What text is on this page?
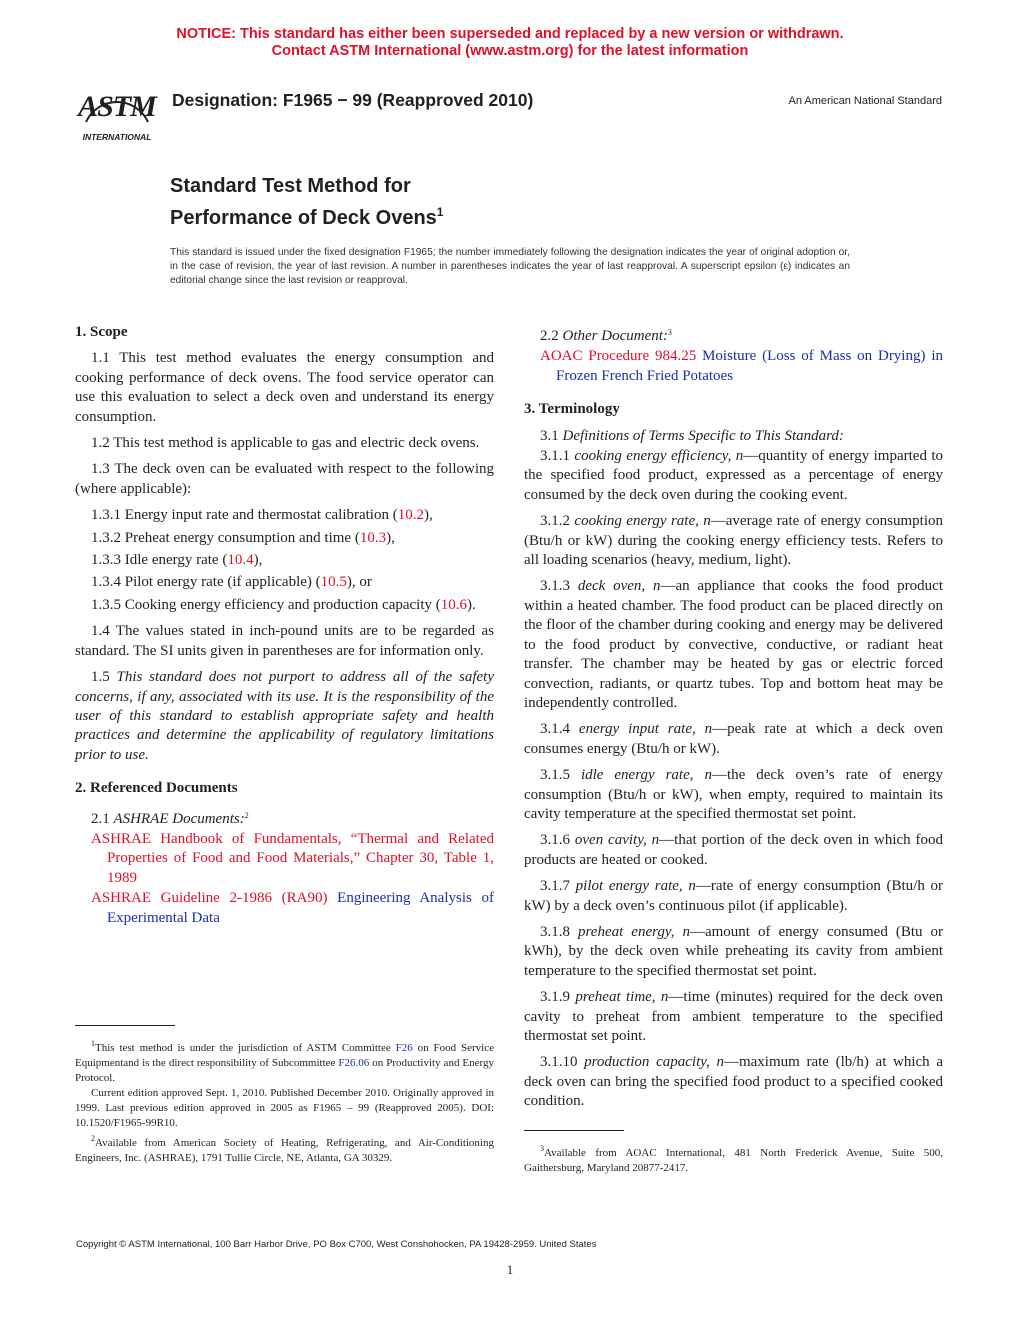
NOTICE: This standard has either been superseded and replaced by a new version or withdrawn.
Contact ASTM International (www.astm.org) for the latest information
ASTM
INTERNATIONAL
Designation: F1965 − 99 (Reapproved 2010)	An American National Standard
Standard Test Method for
Performance of Deck Ovens$^1$
This standard is issued under the fixed designation F1965; the number immediately following the designation indicates the year of original adoption or, in the case of revision, the year of last revision. A number in parentheses indicates the year of last reapproval. A superscript epsilon (ε) indicates an editorial change since the last revision or reapproval.
1. Scope

1.1 This test method evaluates the energy consumption and cooking performance of deck ovens. The food service operator can use this evaluation to select a deck oven and understand its energy consumption.

1.2 This test method is applicable to gas and electric deck ovens.

1.3 The deck oven can be evaluated with respect to the following (where applicable):

1.3.1 Energy input rate and thermostat calibration (10.2),

1.3.2 Preheat energy consumption and time (10.3),

1.3.3 Idle energy rate (10.4),

1.3.4 Pilot energy rate (if applicable) (10.5), or

1.3.5 Cooking energy efficiency and production capacity (10.6).

1.4 The values stated in inch-pound units are to be regarded as standard. The SI units given in parentheses are for information only.

1.5 This standard does not purport to address all of the safety concerns, if any, associated with its use. It is the responsibility of the user of this standard to establish appropriate safety and health practices and determine the applicability of regulatory limitations prior to use.

2. Referenced Documents

2.1 ASHRAE Documents:$^2$

ASHRAE Handbook of Fundamentals, “Thermal and Related Properties of Food and Food Materials,” Chapter 30, Table 1, 1989

ASHRAE Guideline 2-1986 (RA90) Engineering Analysis of Experimental Data

2.2 Other Document:$^3$

AOAC Procedure 984.25 Moisture (Loss of Mass on Drying) in Frozen French Fried Potatoes

3. Terminology

3.1 Definitions of Terms Specific to This Standard:

3.1.1 cooking energy efficiency, n—quantity of energy imparted to the specified food product, expressed as a percentage of energy consumed by the deck oven during the cooking event.

3.1.2 cooking energy rate, n—average rate of energy consumption (Btu/h or kW) during the cooking energy efficiency tests. Refers to all loading scenarios (heavy, medium, light).

3.1.3 deck oven, n—an appliance that cooks the food product within a heated chamber. The food product can be placed directly on the floor of the chamber during cooking and energy may be delivered to the food product by convective, conductive, or radiant heat transfer. The chamber may be heated by gas or electric forced convection, radiants, or quartz tubes. Top and bottom heat may be independently controlled.

3.1.4 energy input rate, n—peak rate at which a deck oven consumes energy (Btu/h or kW).

3.1.5 idle energy rate, n—the deck oven’s rate of energy consumption (Btu/h or kW), when empty, required to maintain its cavity temperature at the specified thermostat set point.

3.1.6 oven cavity, n—that portion of the deck oven in which food products are heated or cooked.

3.1.7 pilot energy rate, n—rate of energy consumption (Btu/h or kW) by a deck oven’s continuous pilot (if applicable).

3.1.8 preheat energy, n—amount of energy consumed (Btu or kWh), by the deck oven while preheating its cavity from ambient temperature to the specified thermostat set point.

3.1.9 preheat time, n—time (minutes) required for the deck oven cavity to preheat from ambient temperature to the specified thermostat set point.

3.1.10 production capacity, n—maximum rate (lb/h) at which a deck oven can bring the specified food product to a specified cooked condition.

$^1$This test method is under the jurisdiction of ASTM Committee F26 on Food Service Equipmentand is the direct responsibility of Subcommittee F26.06 on Productivity and Energy Protocol.

Current edition approved Sept. 1, 2010. Published December 2010. Originally approved in 1999. Last previous edition approved in 2005 as F1965 – 99 (Reapproved 2005). DOI: 10.1520/F1965-99R10.

$^2$Available from American Society of Heating, Refrigerating, and Air-Conditioning Engineers, Inc. (ASHRAE), 1791 Tullie Circle, NE, Atlanta, GA 30329.

$^3$Available from AOAC International, 481 North Frederick Avenue, Suite 500, Gaithersburg, Maryland 20877-2417.

Copyright © ASTM International, 100 Barr Harbor Drive, PO Box C700, West Conshohocken, PA 19428-2959. United States
1
